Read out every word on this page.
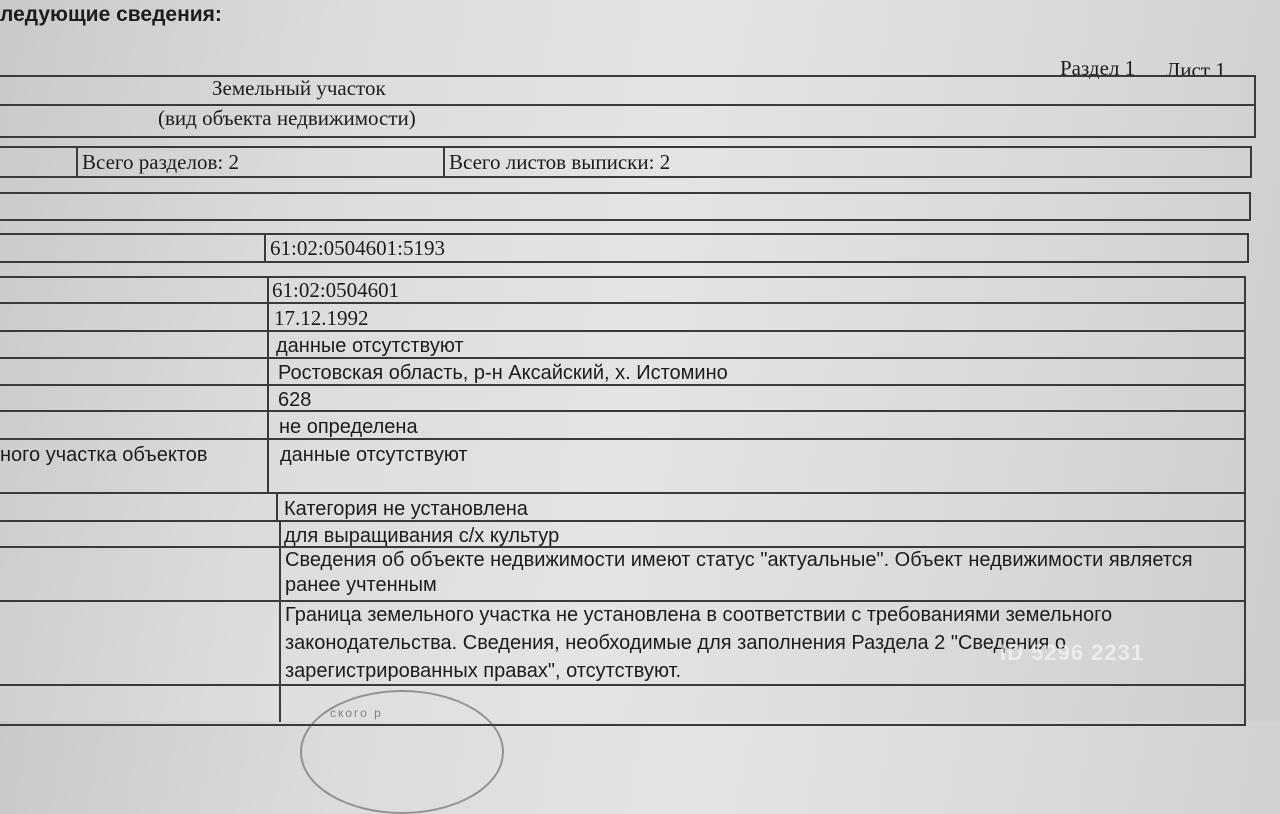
ледующие сведения:
Раздел 1 Лист 1
Земельный участок
(вид объекта недвижимости)
Всего разделов: 2	Всего листов выписки: 2
61:02:0504601:5193
61:02:0504601
17.12.1992
данные отсутствуют
Ростовская область, р-н Аксайский, х. Истомино
628
не определена
ного участка объектов	данные отсутствуют
Категория не установлена
для выращивания с/х культур
Сведения об объекте недвижимости имеют статус "актуальные". Объект недвижимости является ранее учтенным
Граница земельного участка не установлена в соответствии с требованиями земельного законодательства. Сведения, необходимые для заполнения Раздела 2 "Сведения о зарегистрированных правах", отсутствуют.
ского р
ID 5296 2231
